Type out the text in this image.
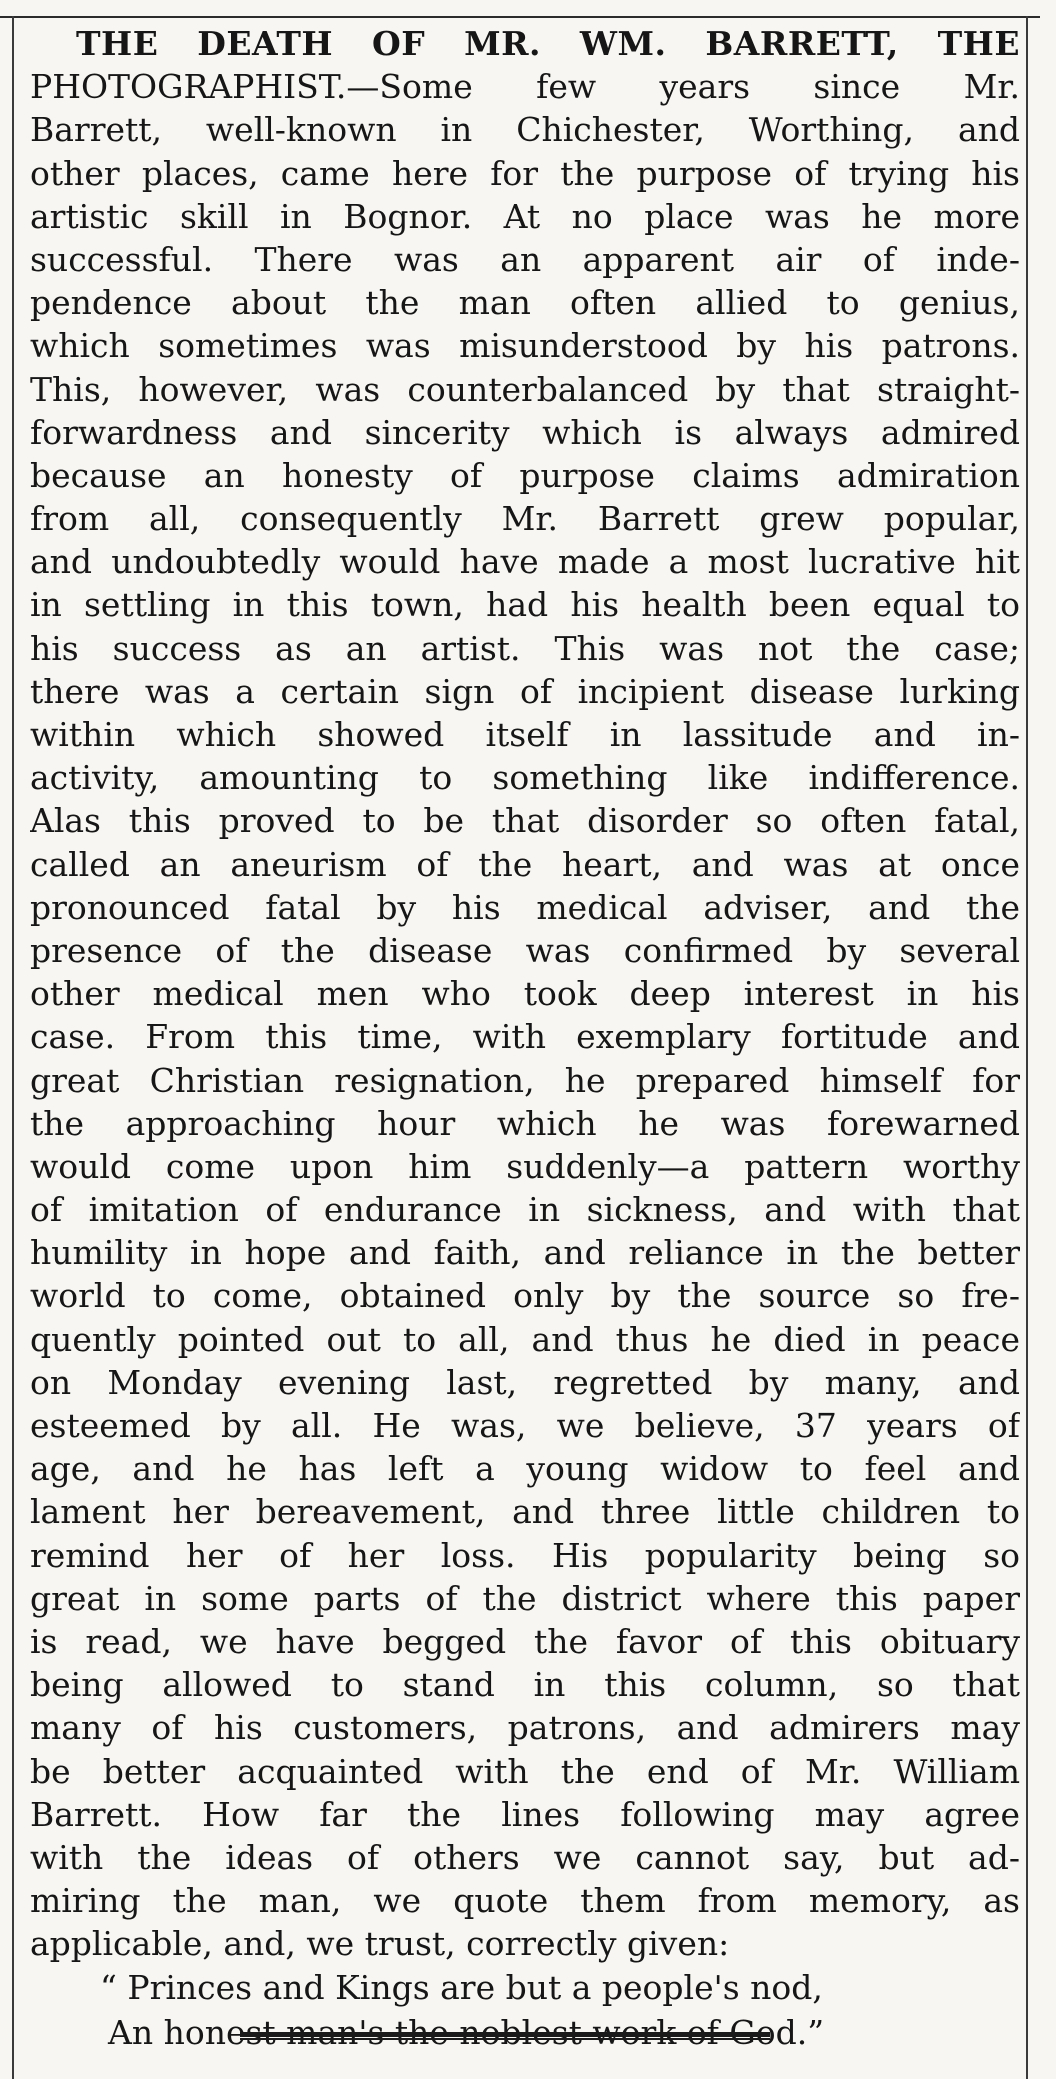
THE DEATH OF MR. WM. BARRETT, THE
PHOTOGRAPHIST.—Some few years since Mr.
Barrett, well-known in Chichester, Worthing, and
other places, came here for the purpose of trying his
artistic skill in Bognor. At no place was he more
successful. There was an apparent air of inde-
pendence about the man often allied to genius,
which sometimes was misunderstood by his patrons.
This, however, was counterbalanced by that straight-
forwardness and sincerity which is always admired
because an honesty of purpose claims admiration
from all, consequently Mr. Barrett grew popular,
and undoubtedly would have made a most lucrative hit
in settling in this town, had his health been equal to
his success as an artist. This was not the case;
there was a certain sign of incipient disease lurking
within which showed itself in lassitude and in-
activity, amounting to something like indifference.
Alas this proved to be that disorder so often fatal,
called an aneurism of the heart, and was at once
pronounced fatal by his medical adviser, and the
presence of the disease was confirmed by several
other medical men who took deep interest in his
case. From this time, with exemplary fortitude and
great Christian resignation, he prepared himself for
the approaching hour which he was forewarned
would come upon him suddenly—a pattern worthy
of imitation of endurance in sickness, and with that
humility in hope and faith, and reliance in the better
world to come, obtained only by the source so fre-
quently pointed out to all, and thus he died in peace
on Monday evening last, regretted by many, and
esteemed by all. He was, we believe, 37 years of
age, and he has left a young widow to feel and
lament her bereavement, and three little children to
remind her of her loss. His popularity being so
great in some parts of the district where this paper
is read, we have begged the favor of this obituary
being allowed to stand in this column, so that
many of his customers, patrons, and admirers may
be better acquainted with the end of Mr. William
Barrett. How far the lines following may agree
with the ideas of others we cannot say, but ad-
miring the man, we quote them from memory, as
applicable, and, we trust, correctly given:
“ Princes and Kings are but a people's nod,
An honest man's the noblest work of God.”
